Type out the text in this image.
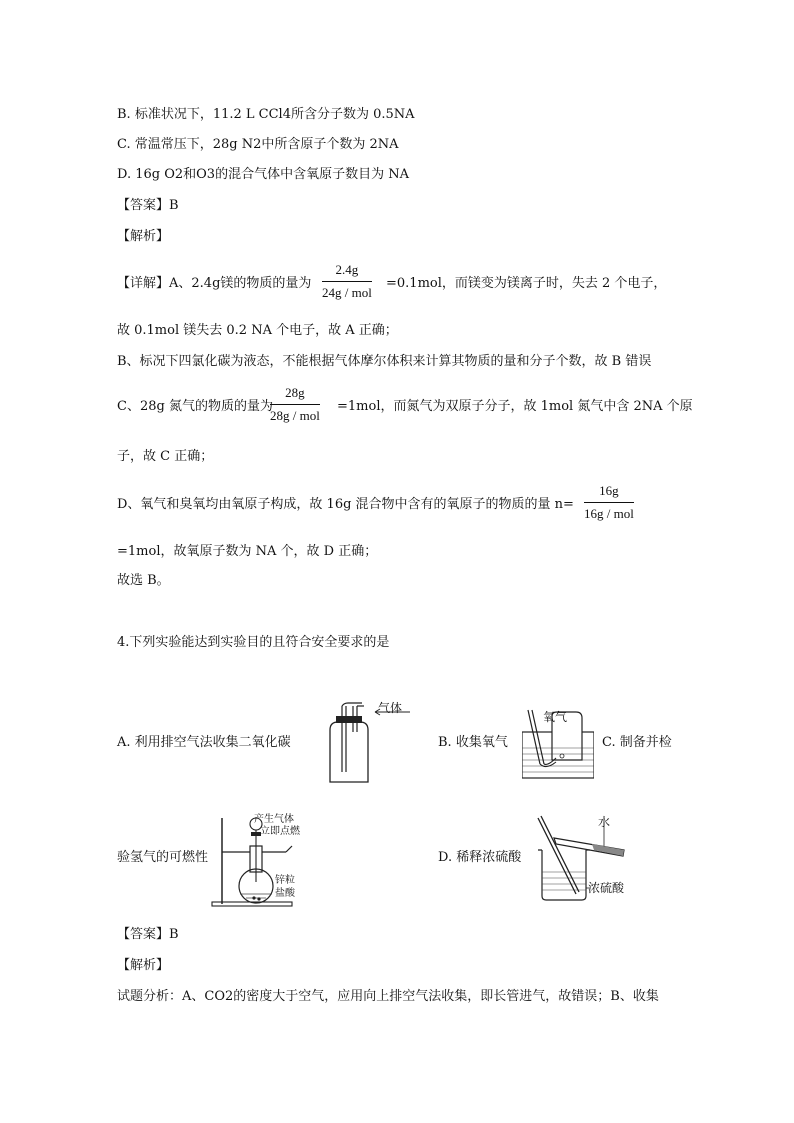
B. 标准状况下，11.2 L CCl4所含分子数为 0.5NA
C. 常温常压下，28g N2中所含原子个数为 2NA
D. 16g O2和O3的混合气体中含氧原子数目为 NA
【答案】B
【解析】
【详解】A、2.4g镁的物质的量为
2.4g
24g / mol
=0.1mol，而镁变为镁离子时，失去 2 个电子，
故 0.1mol 镁失去 0.2 NA 个电子，故 A 正确；
B、标况下四氯化碳为液态，不能根据气体摩尔体积来计算其物质的量和分子个数，故 B 错误
C、28g 氮气的物质的量为
28g
28g / mol
=1mol，而氮气为双原子分子，故 1mol 氮气中含 2NA 个原
子，故 C 正确；
D、氧气和臭氧均由氧原子构成，故 16g 混合物中含有的氧原子的物质的量 n=
16g
16g / mol
=1mol，故氧原子数为 NA 个，故 D 正确；
故选 B。
4.下列实验能达到实验目的且符合安全要求的是
A. 利用排空气法收集二氧化碳
气体
B. 收集氧气
氧气
C. 制备并检
产生气体
立即点燃
锌粒
盐酸
验氢气的可燃性	D. 稀释浓硫酸
水
浓硫酸
【答案】B
【解析】
试题分析：A、CO2的密度大于空气，应用向上排空气法收集，即长管进气，故错误；B、收集
